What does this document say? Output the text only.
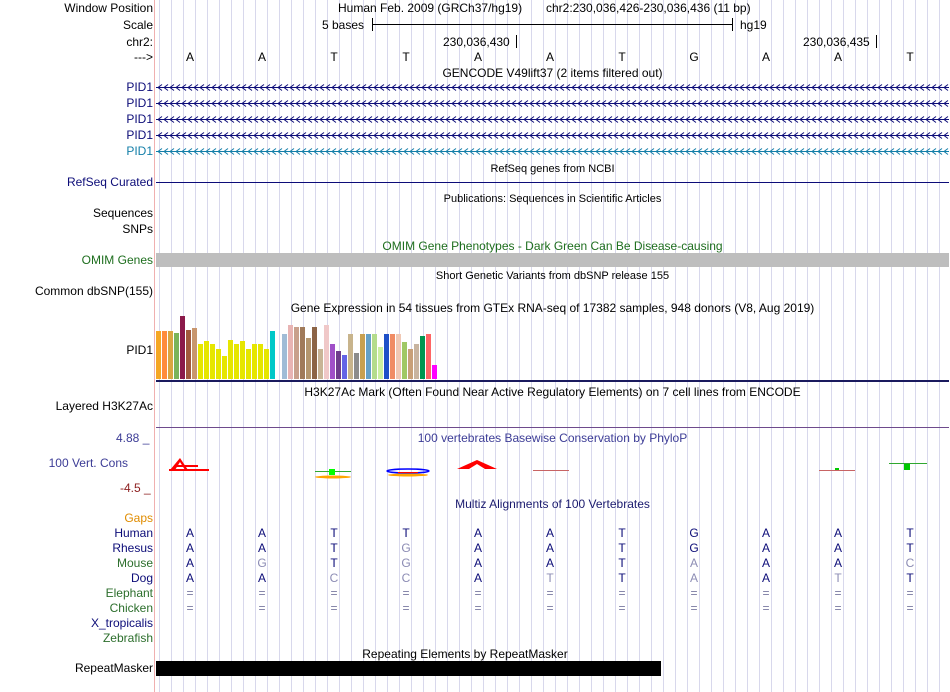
Window Position	Human Feb. 2009 (GRCh37/hg19) chr2:230,036,426-230,036,436 (11 bp)
Scale	5 bases	hg19
chr2:	230,036,430	230,036,435
--->	A	A	T	T	A	A	T	G	A	A	T
GENCODE V49lift37 (2 items filtered out)
PID1
PID1
PID1
PID1
PID1
RefSeq genes from NCBI
RefSeq Curated
Publications: Sequences in Scientific Articles
Sequences
SNPs
OMIM Gene Phenotypes - Dark Green Can Be Disease-causing
OMIM Genes
Short Genetic Variants from dbSNP release 155
Common dbSNP(155)
Gene Expression in 54 tissues from GTEx RNA-seq of 17382 samples, 948 donors (V8, Aug 2019)
PID1
H3K27Ac Mark (Often Found Near Active Regulatory Elements) on 7 cell lines from ENCODE
Layered H3K27Ac
100 vertebrates Basewise Conservation by PhyloP
4.88 _
100 Vert. Cons
-4.5 _
Multiz Alignments of 100 Vertebrates
Gaps
Human	A	A	T	T	A	A	T	G	A	A	T
Rhesus	A	A	T	G	A	A	T	G	A	A	T
Mouse	A	G	T	G	A	A	T	A	A	A	C
Dog	A	A	C	C	A	T	T	A	A	T	T
Elephant	=	=	=	=	=	=	=	=	=	=	=
Chicken	=	=	=	=	=	=	=	=	=	=	=
X_tropicalis
Zebrafish
Repeating Elements by RepeatMasker
RepeatMasker
